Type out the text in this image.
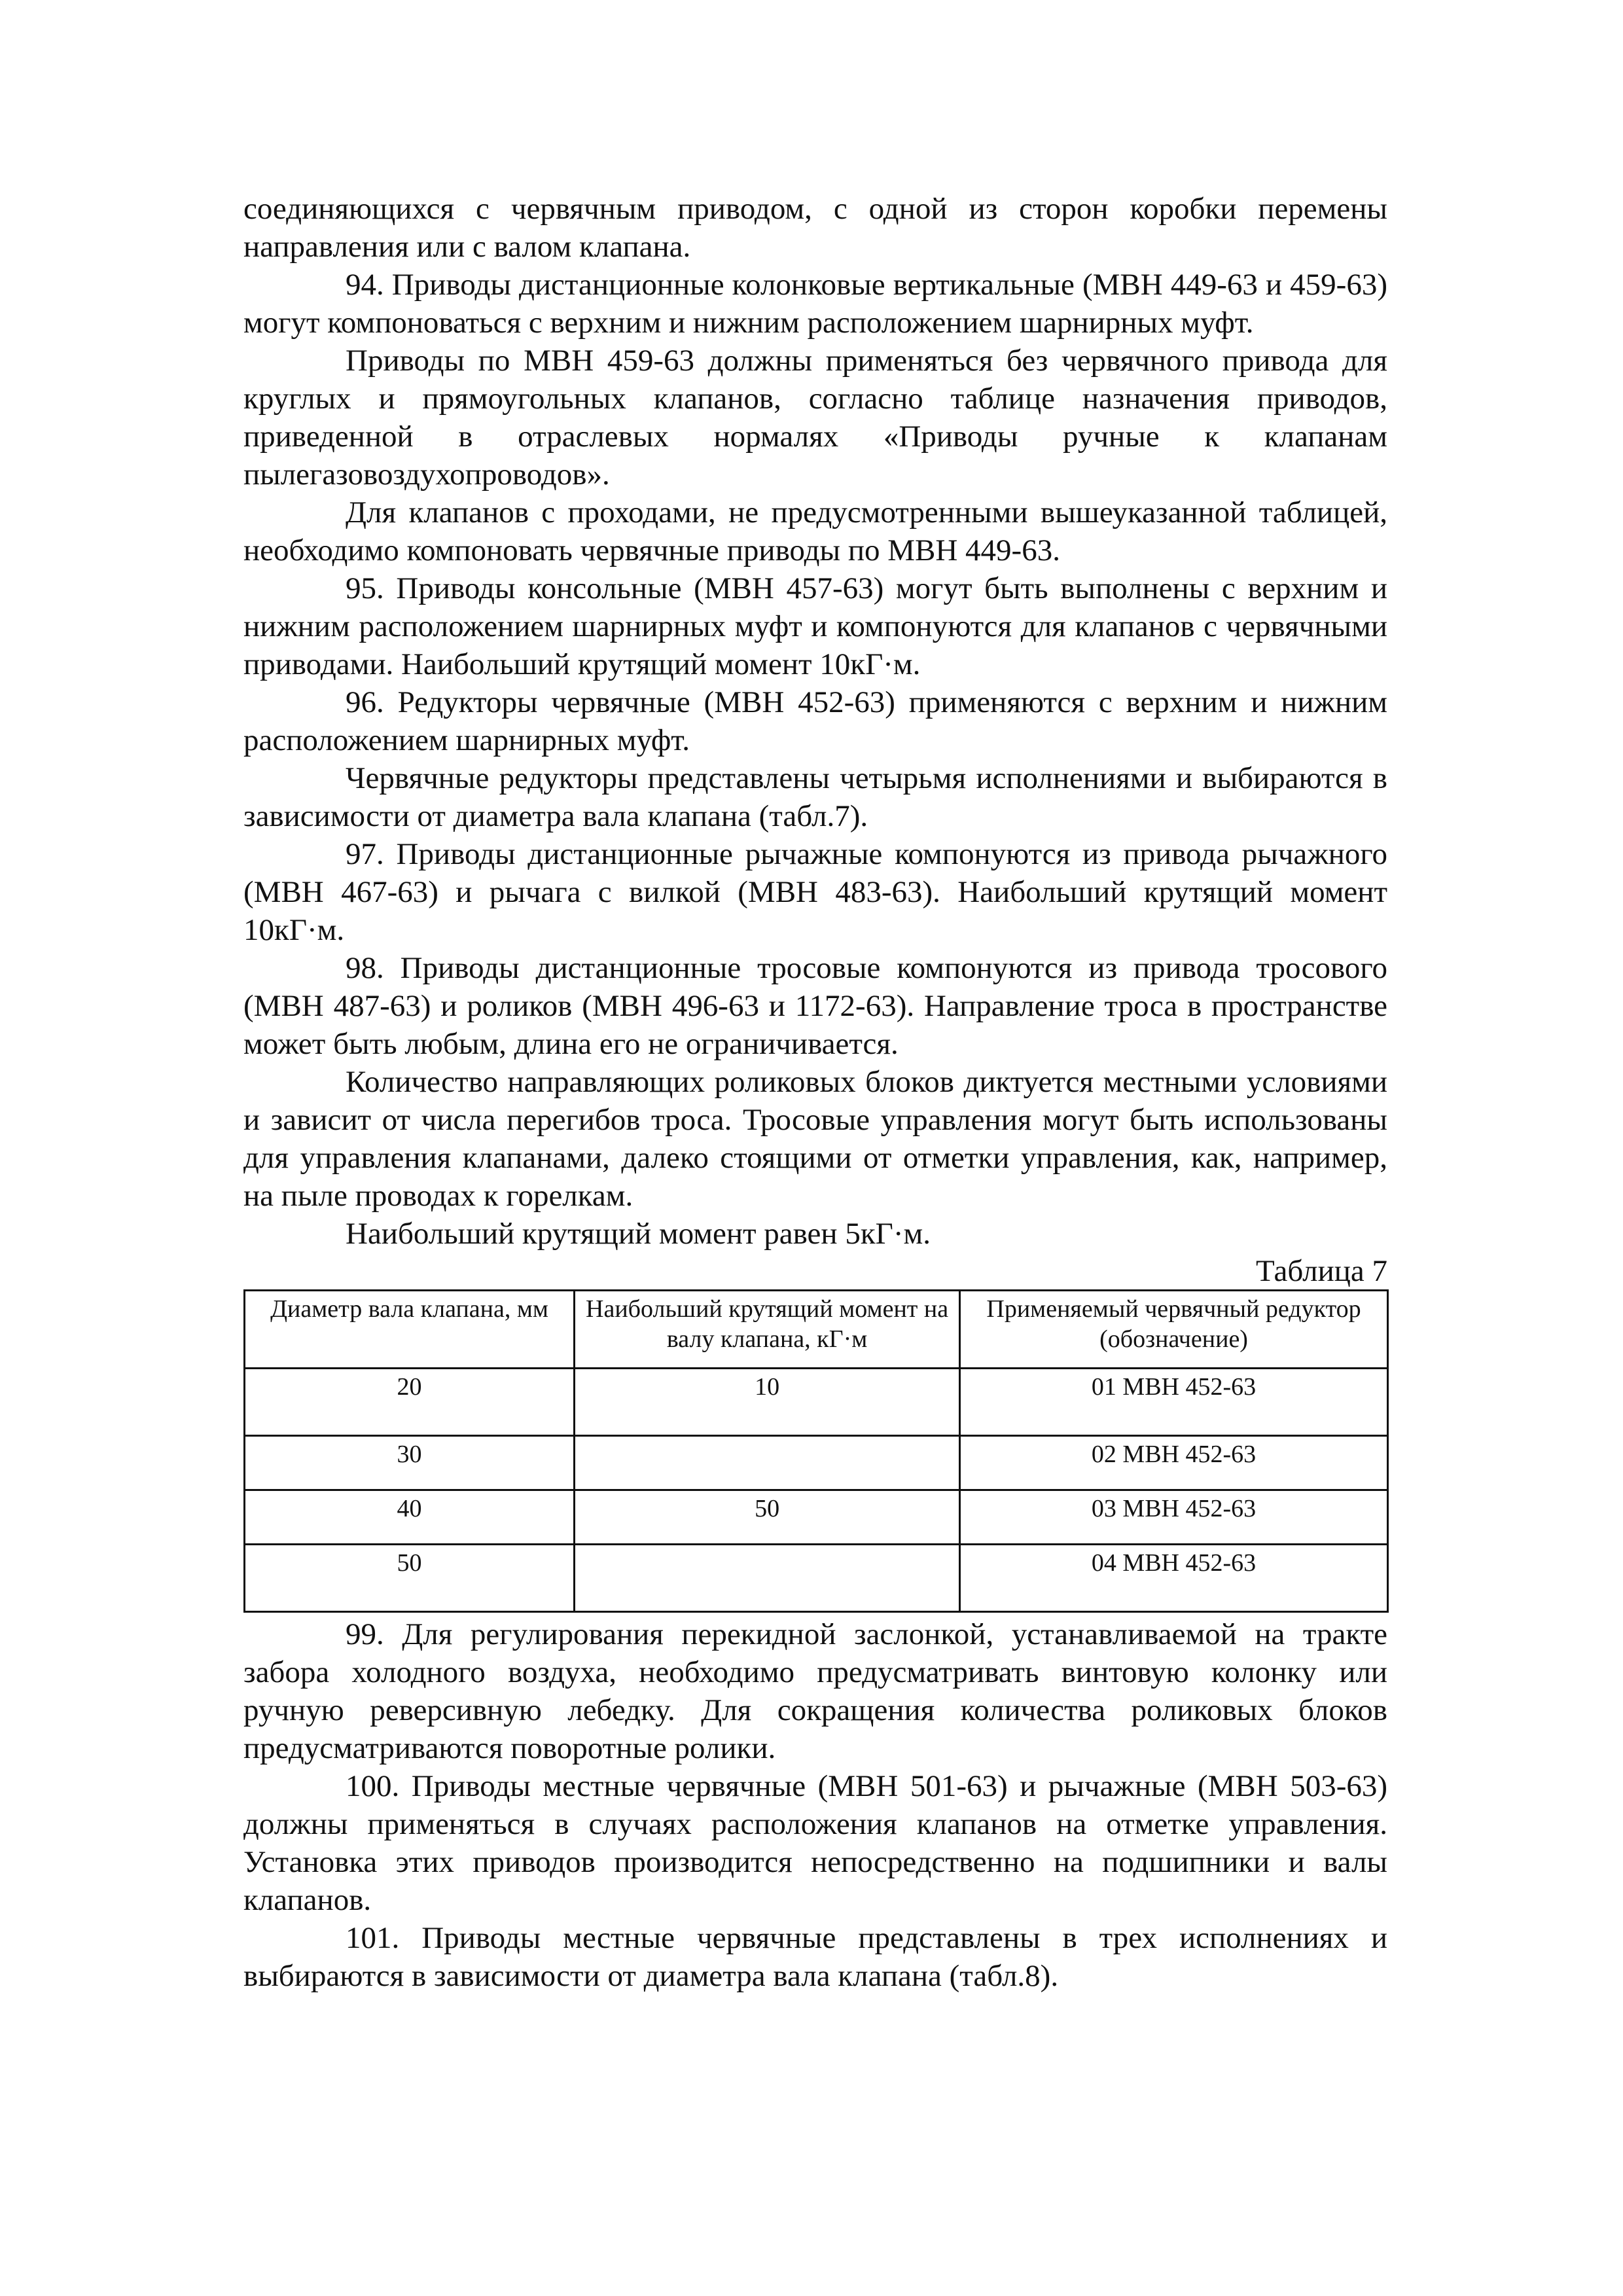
соединяющихся с червячным приводом, с одной из сторон коробки перемены направления или с валом клапана.

94. Приводы дистанционные колонковые вертикальные (МВН 449-63 и 459-63) могут компоноваться с верхним и нижним расположением шарнирных муфт.

Приводы по МВН 459-63 должны применяться без червячного привода для круглых и прямоугольных клапанов, согласно таблице назначения приводов, приведенной в отраслевых нормалях «Приводы ручные к клапанам пылегазовоздухопроводов».

Для клапанов с проходами, не предусмотренными вышеуказанной таблицей, необходимо компоновать червячные приводы по МВН 449-63.

95. Приводы консольные (МВН 457-63) могут быть выполнены с верхним и нижним расположением шарнирных муфт и компонуются для клапанов с червячными приводами. Наибольший крутящий момент 10кГ·м.

96. Редукторы червячные (МВН 452-63) применяются с верхним и нижним расположением шарнирных муфт.

Червячные редукторы представлены четырьмя исполнениями и выбираются в зависимости от диаметра вала клапана (табл.7).

97. Приводы дистанционные рычажные компонуются из привода рычажного (МВН 467-63) и рычага с вилкой (МВН 483-63). Наибольший крутящий момент 10кГ·м.

98. Приводы дистанционные тросовые компонуются из привода тросового (МВН 487-63) и роликов (МВН 496-63 и 1172-63). Направление троса в пространстве может быть любым, длина его не ограничивается.

Количество направляющих роликовых блоков диктуется местными условиями и зависит от числа перегибов троса. Тросовые управления могут быть использованы для управления клапанами, далеко стоящими от отметки управления, как, например, на пыле проводах к горелкам.

Наибольший крутящий момент равен 5кГ·м.

Таблица 7

Диаметр вала клапана, мм	Наибольший крутящий момент на валу клапана, кГ·м	Применяемый червячный редуктор (обозначение)
20	10	01 МВН 452-63
30		02 МВН 452-63
40	50	03 МВН 452-63
50		04 МВН 452-63

99. Для регулирования перекидной заслонкой, устанавливаемой на тракте забора холодного воздуха, необходимо предусматривать винтовую колонку или ручную реверсивную лебедку. Для сокращения количества роликовых блоков предусматриваются поворотные ролики.

100. Приводы местные червячные (МВН 501-63) и рычажные (МВН 503-63) должны применяться в случаях расположения клапанов на отметке управления. Установка этих приводов производится непосредственно на подшипники и валы клапанов.

101. Приводы местные червячные представлены в трех исполнениях и выбираются в зависимости от диаметра вала клапана (табл.8).
